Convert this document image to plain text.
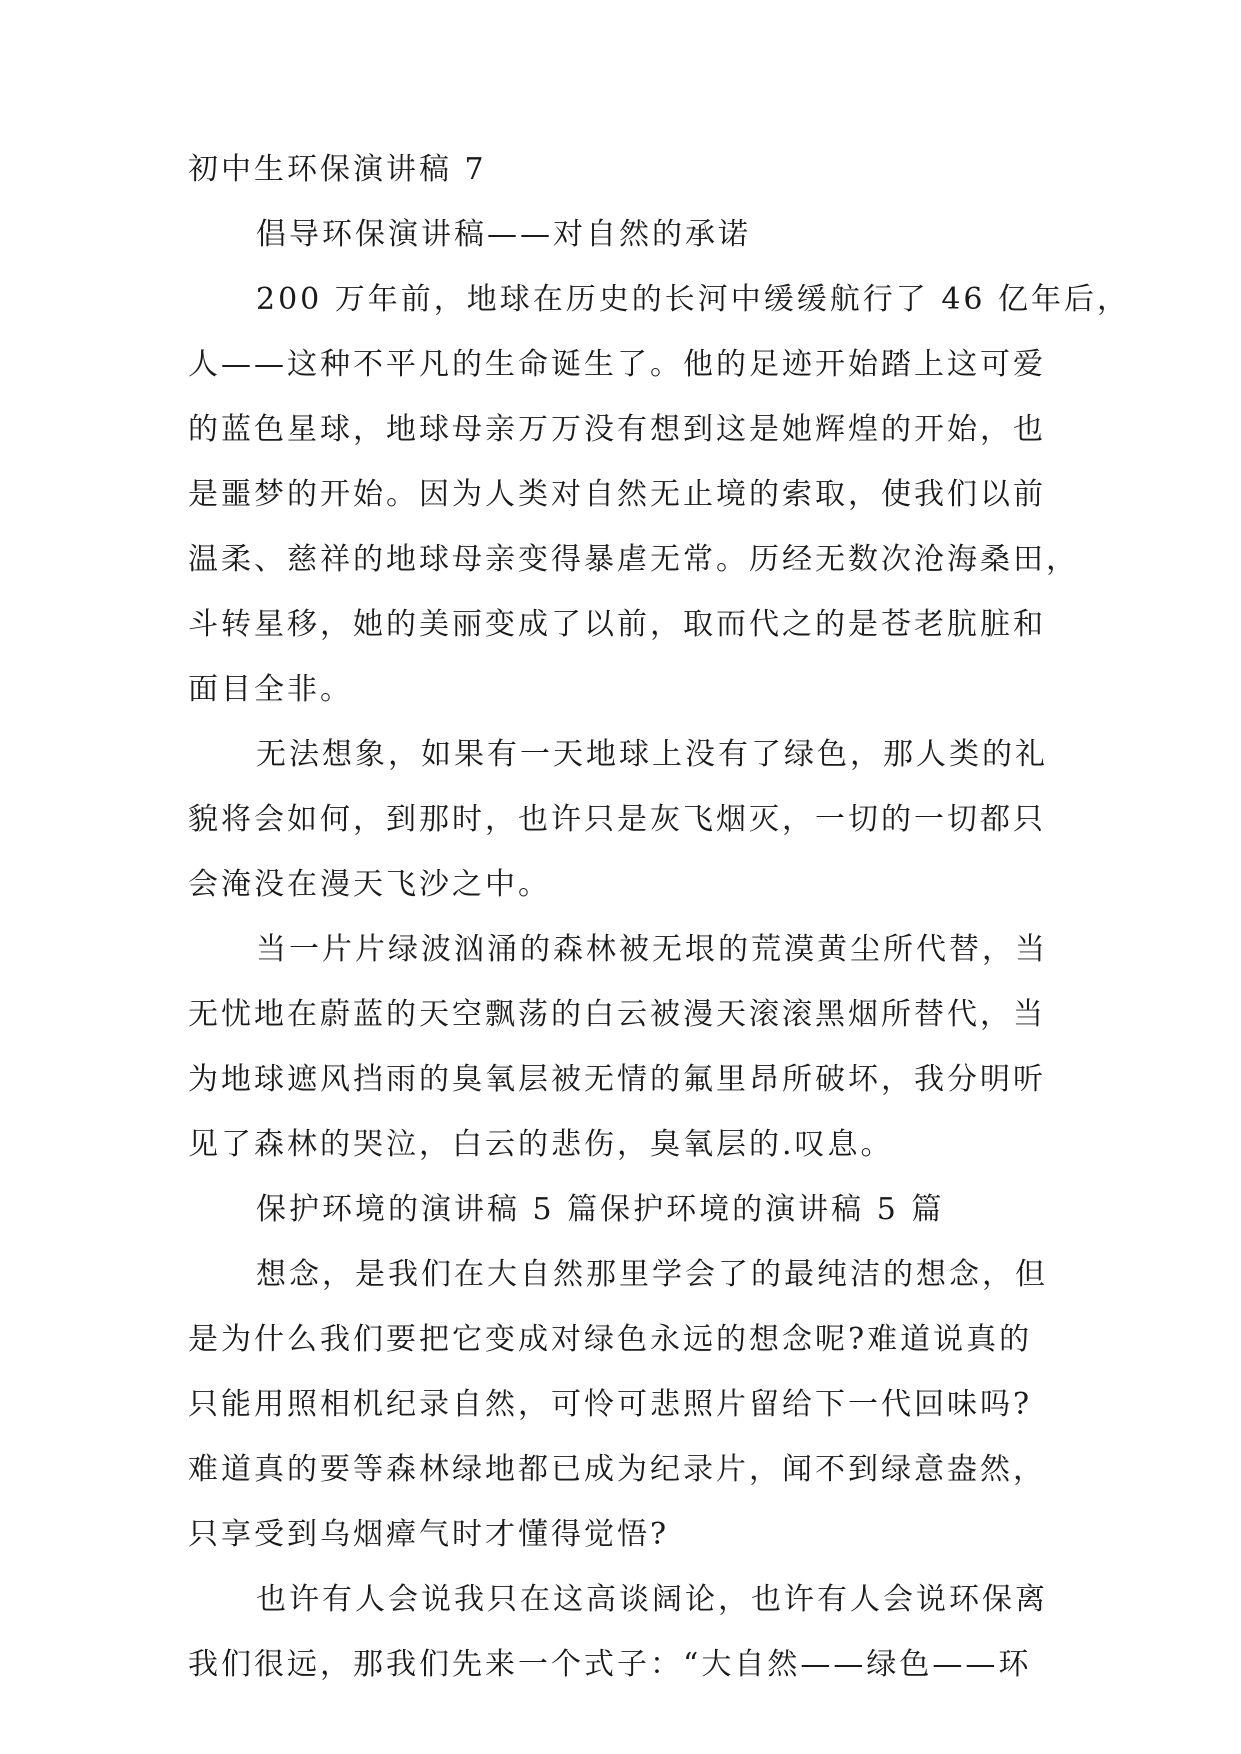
初中生环保演讲稿 7
倡导环保演讲稿——对自然的承诺
200 万年前，地球在历史的长河中缓缓航行了 46 亿年后，
人——这种不平凡的生命诞生了。他的足迹开始踏上这可爱
的蓝色星球，地球母亲万万没有想到这是她辉煌的开始，也
是噩梦的开始。因为人类对自然无止境的索取，使我们以前
温柔、慈祥的地球母亲变得暴虐无常。历经无数次沧海桑田，
斗转星移，她的美丽变成了以前，取而代之的是苍老肮脏和
面目全非。
无法想象，如果有一天地球上没有了绿色，那人类的礼
貌将会如何，到那时，也许只是灰飞烟灭，一切的一切都只
会淹没在漫天飞沙之中。
当一片片绿波汹涌的森林被无垠的荒漠黄尘所代替，当
无忧地在蔚蓝的天空飘荡的白云被漫天滚滚黑烟所替代，当
为地球遮风挡雨的臭氧层被无情的氟里昂所破坏，我分明听
见了森林的哭泣，白云的悲伤，臭氧层的.叹息。
保护环境的演讲稿 5 篇保护环境的演讲稿 5 篇
想念，是我们在大自然那里学会了的最纯洁的想念，但
是为什么我们要把它变成对绿色永远的想念呢?难道说真的
只能用照相机纪录自然，可怜可悲照片留给下一代回味吗?
难道真的要等森林绿地都已成为纪录片，闻不到绿意盎然，
只享受到乌烟瘴气时才懂得觉悟?
也许有人会说我只在这高谈阔论，也许有人会说环保离
我们很远，那我们先来一个式子：“大自然——绿色——环
